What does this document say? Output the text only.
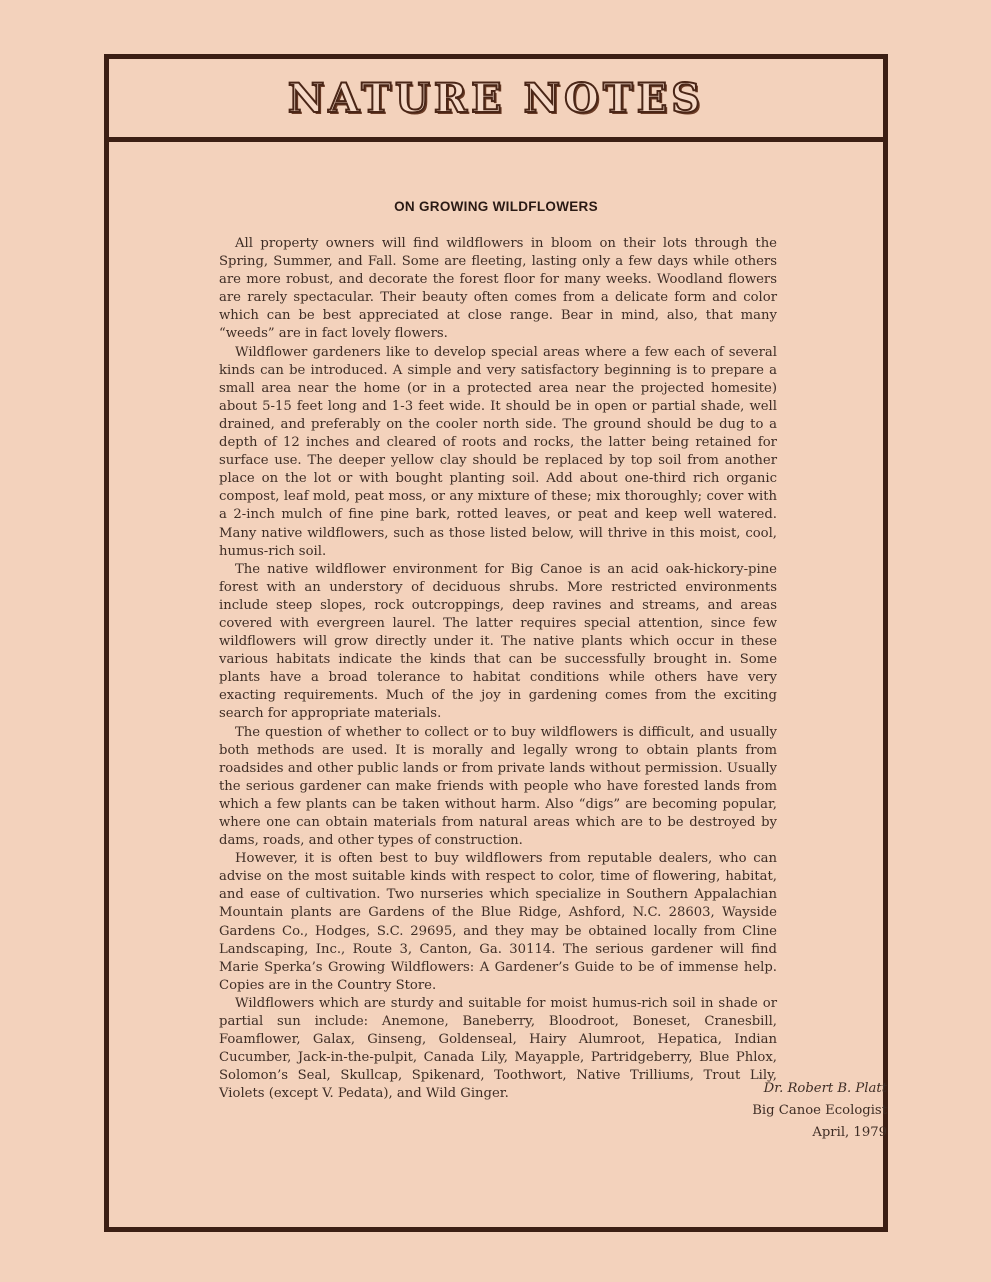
NATURE NOTES
ON GROWING WILDFLOWERS

All property owners will find wildflowers in bloom on their lots through the Spring, Summer, and Fall. Some are fleeting, lasting only a few days while others are more robust, and decorate the forest floor for many weeks. Woodland flowers are rarely spectacular. Their beauty often comes from a delicate form and color which can be best appreciated at close range. Bear in mind, also, that many “weeds” are in fact lovely flowers.

Wildflower gardeners like to develop special areas where a few each of several kinds can be introduced. A simple and very satisfactory beginning is to prepare a small area near the home (or in a protected area near the projected homesite) about 5-15 feet long and 1-3 feet wide. It should be in open or partial shade, well drained, and preferably on the cooler north side. The ground should be dug to a depth of 12 inches and cleared of roots and rocks, the latter being retained for surface use. The deeper yellow clay should be replaced by top soil from another place on the lot or with bought planting soil. Add about one-third rich organic compost, leaf mold, peat moss, or any mixture of these; mix thoroughly; cover with a 2-inch mulch of fine pine bark, rotted leaves, or peat and keep well watered. Many native wildflowers, such as those listed below, will thrive in this moist, cool, humus-rich soil.

The native wildflower environment for Big Canoe is an acid oak-hickory-pine forest with an understory of deciduous shrubs. More restricted environments include steep slopes, rock outcroppings, deep ravines and streams, and areas covered with evergreen laurel. The latter requires special attention, since few wildflowers will grow directly under it. The native plants which occur in these various habitats indicate the kinds that can be successfully brought in. Some plants have a broad tolerance to habitat conditions while others have very exacting requirements. Much of the joy in gardening comes from the exciting search for appropriate materials.

The question of whether to collect or to buy wildflowers is difficult, and usually both methods are used. It is morally and legally wrong to obtain plants from roadsides and other public lands or from private lands without permission. Usually the serious gardener can make friends with people who have forested lands from which a few plants can be taken without harm. Also “digs” are becoming popular, where one can obtain materials from natural areas which are to be destroyed by dams, roads, and other types of construction.

However, it is often best to buy wildflowers from reputable dealers, who can advise on the most suitable kinds with respect to color, time of flowering, habitat, and ease of cultivation. Two nurseries which specialize in Southern Appalachian Mountain plants are Gardens of the Blue Ridge, Ashford, N.C. 28603, Wayside Gardens Co., Hodges, S.C. 29695, and they may be obtained locally from Cline Landscaping, Inc., Route 3, Canton, Ga. 30114. The serious gardener will find Marie Sperka’s Growing Wildflowers: A Gardener’s Guide to be of immense help. Copies are in the Country Store.

Wildflowers which are sturdy and suitable for moist humus-rich soil in shade or partial sun include: Anemone, Baneberry, Bloodroot, Boneset, Cranesbill, Foamflower, Galax, Ginseng, Goldenseal, Hairy Alumroot, Hepatica, Indian Cucumber, Jack-in-the-pulpit, Canada Lily, Mayapple, Partridgeberry, Blue Phlox, Solomon’s Seal, Skullcap, Spikenard, Toothwort, Native Trilliums, Trout Lily, Violets (except V. Pedata), and Wild Ginger.	Dr. Robert B. Platt
Big Canoe Ecologist
April, 1979
